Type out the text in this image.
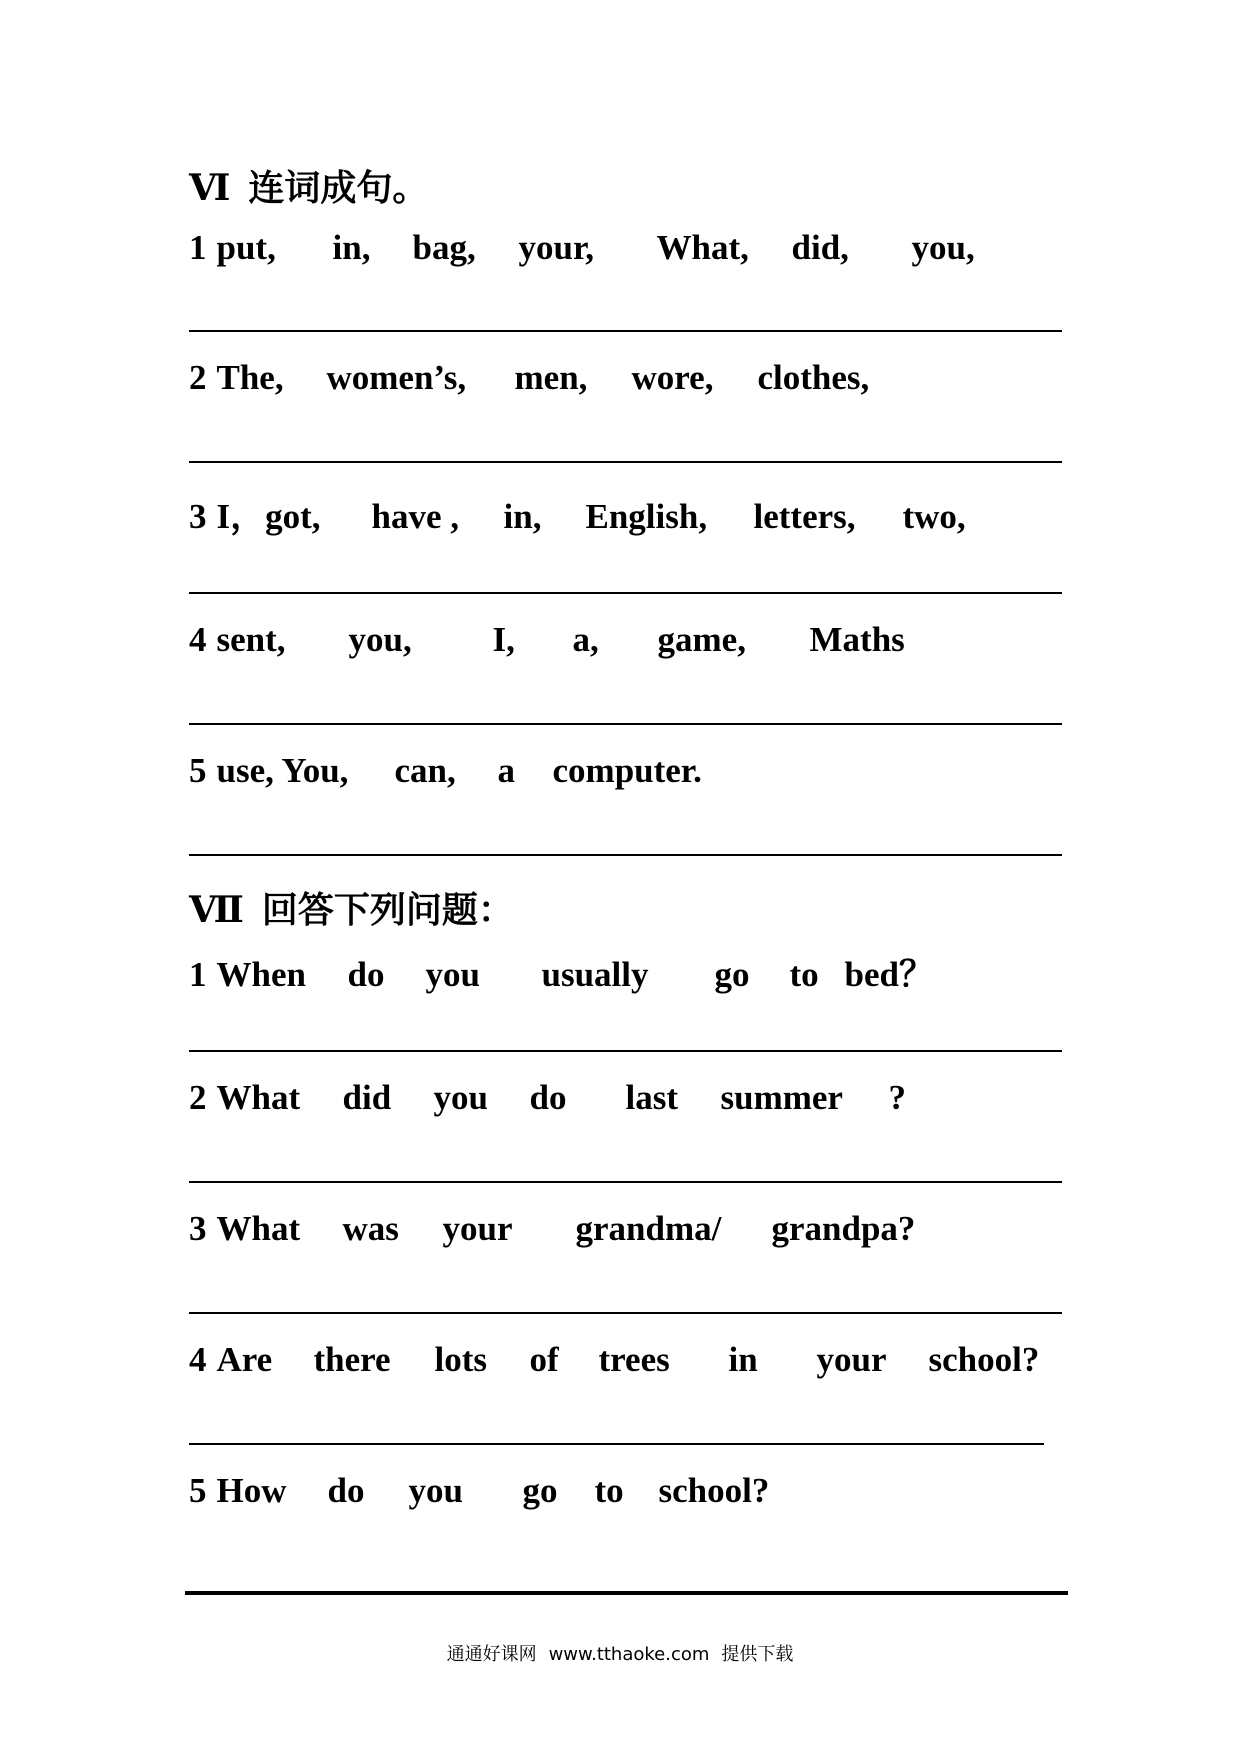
Ⅵ 连词成句。
1 put,	in,	bag,	your,	What,	did,	you,
2 The,	women’s,	men,	wore,	clothes,
3 I，got,	have ,	in,	English,	letters,	two,
4 sent,	you,	I,	a,	game,	Maths
5 use, You,	can,	a	computer.
Ⅶ 回答下列问题：
1 When	do	you	usually	go	to bed？
2 What	did	you	do	last	summer	?
3 What	was	your	grandma/	grandpa?
4 Are	there	lots	of	trees	in	your	school?
5 How	do	you	go	to school?
通通好课网 www.tthaoke.com 提供下载
